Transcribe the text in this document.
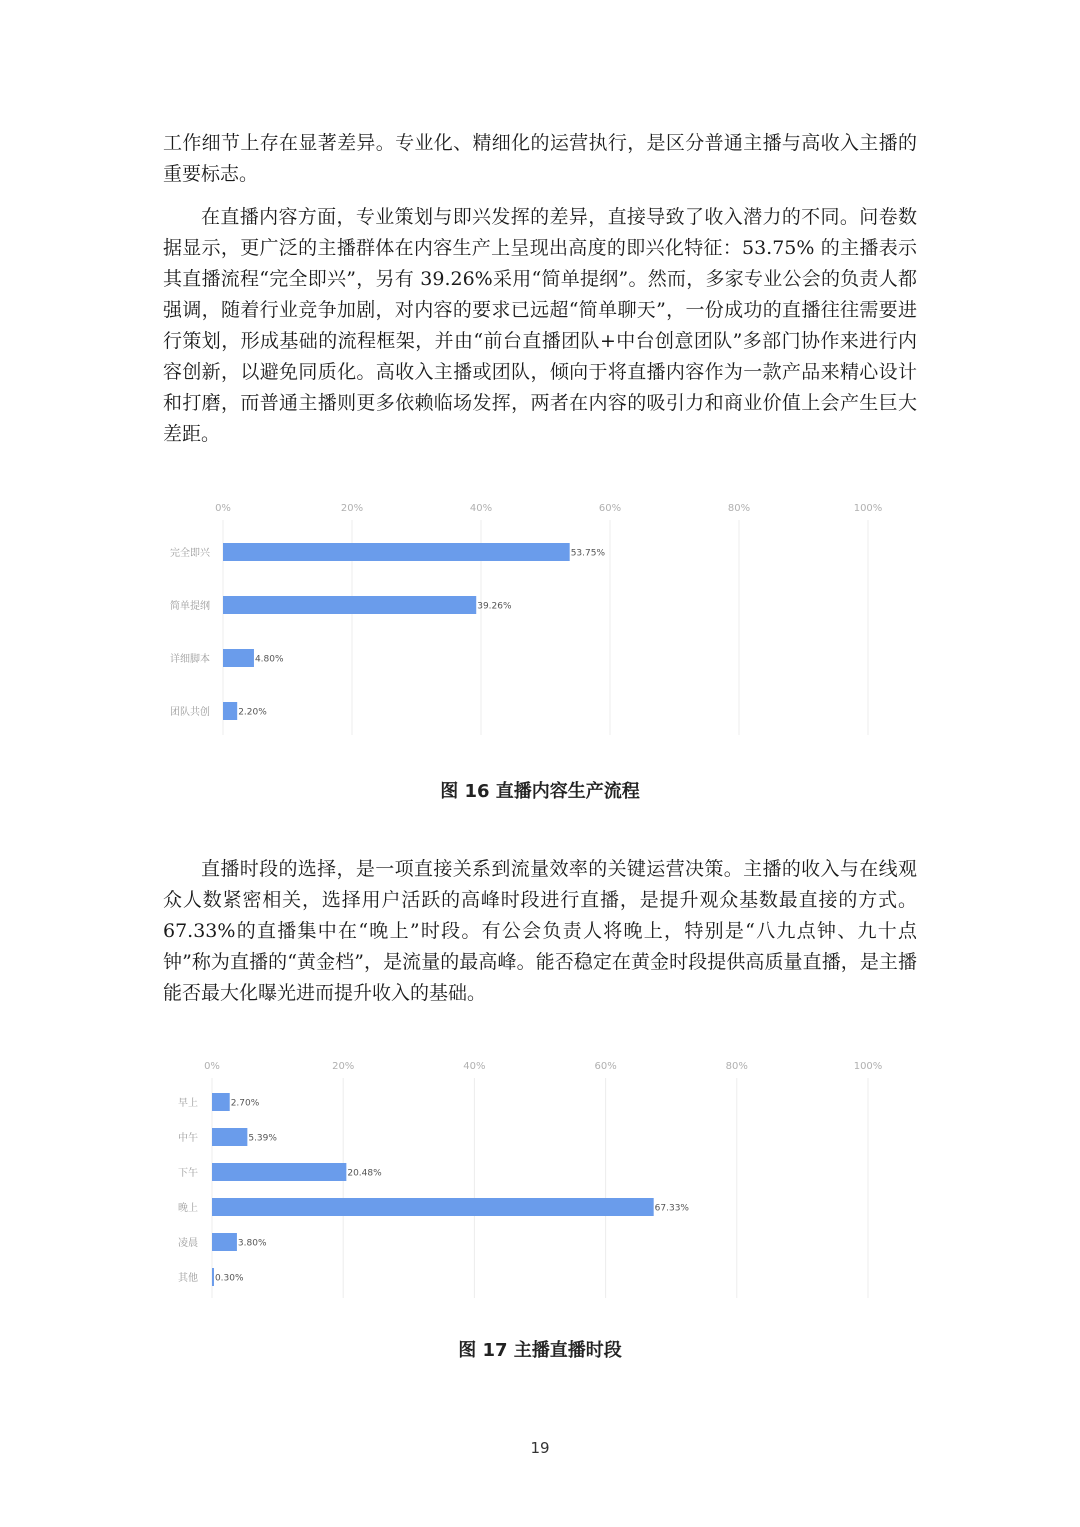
工作细节上存在显著差异。专业化、精细化的运营执行，是区分普通主播与高收入主播的重要标志。

在直播内容方面，专业策划与即兴发挥的差异，直接导致了收入潜力的不同。问卷数据显示，更广泛的主播群体在内容生产上呈现出高度的即兴化特征：53.75% 的主播表示其直播流程“完全即兴”，另有 39.26%采用“简单提纲”。然而，多家专业公会的负责人都强调，随着行业竞争加剧，对内容的要求已远超“简单聊天”，一份成功的直播往往需要进行策划，形成基础的流程框架，并由“前台直播团队+中台创意团队”多部门协作来进行内容创新，以避免同质化。高收入主播或团队，倾向于将直播内容作为一款产品来精心设计和打磨，而普通主播则更多依赖临场发挥，两者在内容的吸引力和商业价值上会产生巨大差距。

0%	20%	40%	60%	80%	100%
完全即兴	53.75%
简单提纲	39.26%
详细脚本	4.80%
团队共创	2.20%
图 16 直播内容生产流程

直播时段的选择，是一项直接关系到流量效率的关键运营决策。主播的收入与在线观众人数紧密相关，选择用户活跃的高峰时段进行直播，是提升观众基数最直接的方式。67.33%的直播集中在“晚上”时段。有公会负责人将晚上，特别是“八九点钟、九十点钟”称为直播的“黄金档”，是流量的最高峰。能否稳定在黄金时段提供高质量直播，是主播能否最大化曝光进而提升收入的基础。

0%	20%	40%	60%	80%	100%
早上	2.70%
中午	5.39%
下午	20.48%
晚上	67.33%
凌晨	3.80%
其他 0.30%
图 17 主播直播时段
19
